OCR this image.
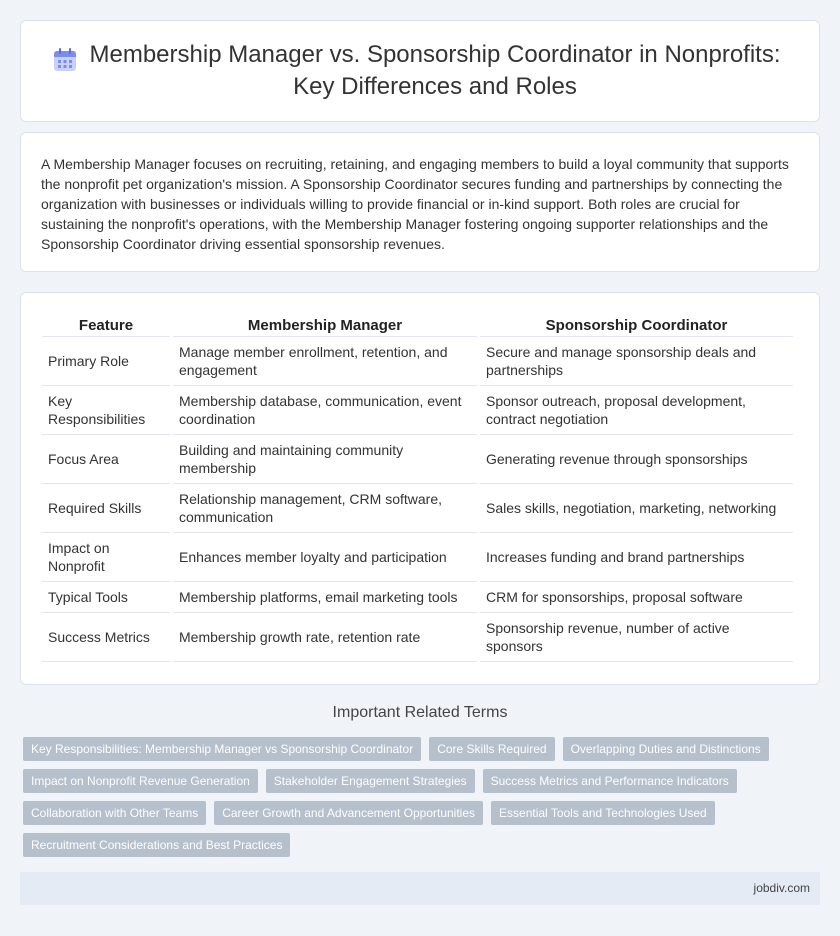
Membership Manager vs. Sponsorship Coordinator in Nonprofits: Key Differences and Roles

A Membership Manager focuses on recruiting, retaining, and engaging members to build a loyal community that supports the nonprofit pet organization's mission. A Sponsorship Coordinator secures funding and partnerships by connecting the organization with businesses or individuals willing to provide financial or in-kind support. Both roles are crucial for sustaining the nonprofit's operations, with the Membership Manager fostering ongoing supporter relationships and the Sponsorship Coordinator driving essential sponsorship revenues.

Feature	Membership Manager	Sponsorship Coordinator
Primary Role	Manage member enrollment, retention, and engagement	Secure and manage sponsorship deals and partnerships
Key Responsibilities	Membership database, communication, event coordination	Sponsor outreach, proposal development, contract negotiation
Focus Area	Building and maintaining community membership	Generating revenue through sponsorships
Required Skills	Relationship management, CRM software, communication	Sales skills, negotiation, marketing, networking
Impact on Nonprofit	Enhances member loyalty and participation	Increases funding and brand partnerships
Typical Tools	Membership platforms, email marketing tools	CRM for sponsorships, proposal software
Success Metrics	Membership growth rate, retention rate	Sponsorship revenue, number of active sponsors
Important Related Terms
Key Responsibilities: Membership Manager vs Sponsorship Coordinator	Core Skills Required	Overlapping Duties and Distinctions
Impact on Nonprofit Revenue Generation	Stakeholder Engagement Strategies	Success Metrics and Performance Indicators
Collaboration with Other Teams	Career Growth and Advancement Opportunities	Essential Tools and Technologies Used
Recruitment Considerations and Best Practices
jobdiv.com
